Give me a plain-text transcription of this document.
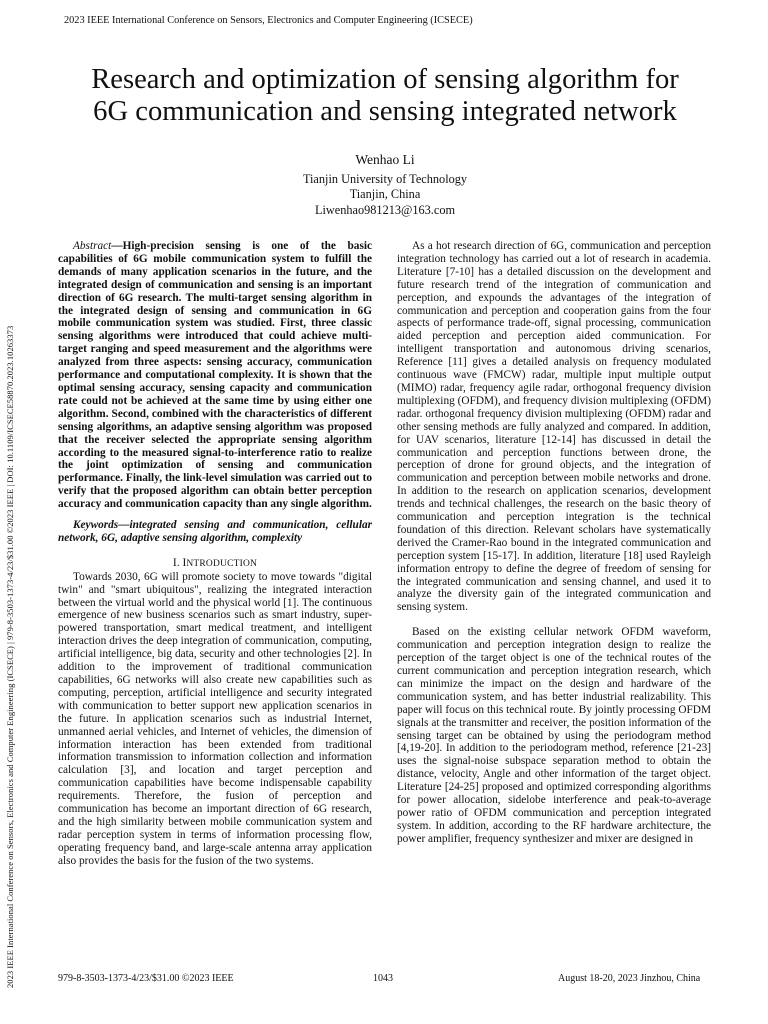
2023 IEEE International Conference on Sensors, Electronics and Computer Engineering (ICSECE)
2023 IEEE International Conference on Sensors, Electronics and Computer Engineering (ICSECE) | 979-8-3503-1373-4/23/$31.00 ©2023 IEEE | DOI: 10.1109/ICSECE58870.2023.10263373
Research and optimization of sensing algorithm for
6G communication and sensing integrated network
Wenhao Li
Tianjin University of Technology
Tianjin, China
Liwenhao981213@163.com

Abstract—High-precision sensing is one of the basic capabilities of 6G mobile communication system to fulfill the demands of many application scenarios in the future, and the integrated design of communication and sensing is an important direction of 6G research. The multi-target sensing algorithm in the integrated design of sensing and communication in 6G mobile communication system was studied. First, three classic sensing algorithms were introduced that could achieve multi-target ranging and speed measurement and the algorithms were analyzed from three aspects: sensing accuracy, communication performance and computational complexity. It is shown that the optimal sensing accuracy, sensing capacity and communication rate could not be achieved at the same time by using either one algorithm. Second, combined with the characteristics of different sensing algorithms, an adaptive sensing algorithm was proposed that the receiver selected the appropriate sensing algorithm according to the measured signal-to-interference ratio to realize the joint optimization of sensing and communication performance. Finally, the link-level simulation was carried out to verify that the proposed algorithm can obtain better perception accuracy and communication capacity than any single algorithm.

Keywords—integrated sensing and communication, cellular network, 6G, adaptive sensing algorithm, complexity

I. INTRODUCTION

Towards 2030, 6G will promote society to move towards "digital twin" and "smart ubiquitous", realizing the integrated interaction between the virtual world and the physical world [1]. The continuous emergence of new business scenarios such as smart industry, super-powered transportation, smart medical treatment, and intelligent interaction drives the deep integration of communication, computing, artificial intelligence, big data, security and other technologies [2]. In addition to the improvement of traditional communication capabilities, 6G networks will also create new capabilities such as computing, perception, artificial intelligence and security integrated with communication to better support new application scenarios in the future. In application scenarios such as industrial Internet, unmanned aerial vehicles, and Internet of vehicles, the dimension of information interaction has been extended from traditional information transmission to information collection and information calculation [3], and location and target perception and communication capabilities have become indispensable capability requirements. Therefore, the fusion of perception and communication has become an important direction of 6G research, and the high similarity between mobile communication system and radar perception system in terms of information processing flow, operating frequency band, and large-scale antenna array application also provides the basis for the fusion of the two systems.

As a hot research direction of 6G, communication and perception integration technology has carried out a lot of research in academia. Literature [7-10] has a detailed discussion on the development and future research trend of the integration of communication and perception, and expounds the advantages of the integration of communication and perception and cooperation gains from the four aspects of performance trade-off, signal processing, communication aided perception and perception aided communication. For intelligent transportation and autonomous driving scenarios, Reference [11] gives a detailed analysis on frequency modulated continuous wave (FMCW) radar, multiple input multiple output (MIMO) radar, frequency agile radar, orthogonal frequency division multiplexing (OFDM), and frequency division multiplexing (OFDM) radar. orthogonal frequency division multiplexing (OFDM) radar and other sensing methods are fully analyzed and compared. In addition, for UAV scenarios, literature [12-14] has discussed in detail the communication and perception functions between drone, the perception of drone for ground objects, and the integration of communication and perception between mobile networks and drone. In addition to the research on application scenarios, development trends and technical challenges, the research on the basic theory of communication and perception integration is the technical foundation of this direction. Relevant scholars have systematically derived the Cramer-Rao bound in the integrated communication and perception system [15-17]. In addition, literature [18] used Rayleigh information entropy to define the degree of freedom of sensing for the integrated communication and sensing channel, and used it to analyze the diversity gain of the integrated communication and sensing system.

Based on the existing cellular network OFDM waveform, communication and perception integration design to realize the perception of the target object is one of the technical routes of the current communication and perception integration research, which can minimize the impact on the design and hardware of the communication system, and has better industrial realizability. This paper will focus on this technical route. By jointly processing OFDM signals at the transmitter and receiver, the position information of the sensing target can be obtained by using the periodogram method [4,19-20]. In addition to the periodogram method, reference [21-23] uses the signal-noise subspace separation method to obtain the distance, velocity, Angle and other information of the target object. Literature [24-25] proposed and optimized corresponding algorithms for power allocation, sidelobe interference and peak-to-average power ratio of OFDM communication and perception integrated system. In addition, according to the RF hardware architecture, the power amplifier, frequency synthesizer and mixer are designed in

979-8-3503-1373-4/23/$31.00 ©2023 IEEE	1043	August 18-20, 2023 Jinzhou, China
